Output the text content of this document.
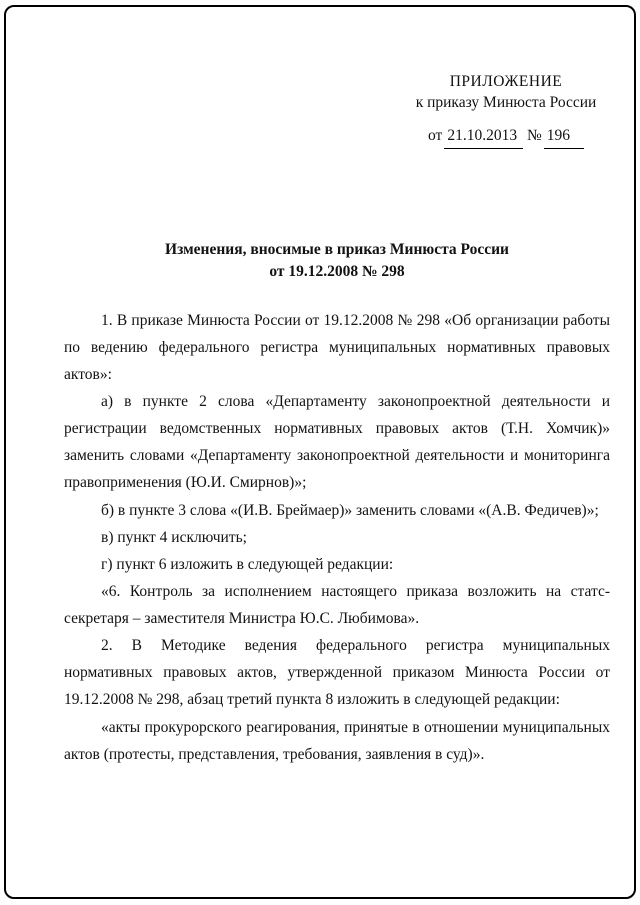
ПРИЛОЖЕНИЕ
к приказу Минюста России
от 21.10.2013 № 196
Изменения, вносимые в приказ Минюста России
от 19.12.2008 № 298

1. В приказе Минюста России от 19.12.2008 № 298 «Об организации работы по ведению федерального регистра муниципальных нормативных правовых актов»:

а) в пункте 2 слова «Департаменту законопроектной деятельности и регистрации ведомственных нормативных правовых актов (Т.Н. Хомчик)» заменить словами «Департаменту законопроектной деятельности и мониторинга правоприменения (Ю.И. Смирнов)»;

б) в пункте 3 слова «(И.В. Бреймаер)» заменить словами «(А.В. Федичев)»;

в) пункт 4 исключить;

г) пункт 6 изложить в следующей редакции:

«6. Контроль за исполнением настоящего приказа возложить на статс-секретаря – заместителя Министра Ю.С. Любимова».

2. В Методике ведения федерального регистра муниципальных нормативных правовых актов, утвержденной приказом Минюста России от 19.12.2008 № 298, абзац третий пункта 8 изложить в следующей редакции:

«акты прокурорского реагирования, принятые в отношении муниципальных актов (протесты, представления, требования, заявления в суд)».
